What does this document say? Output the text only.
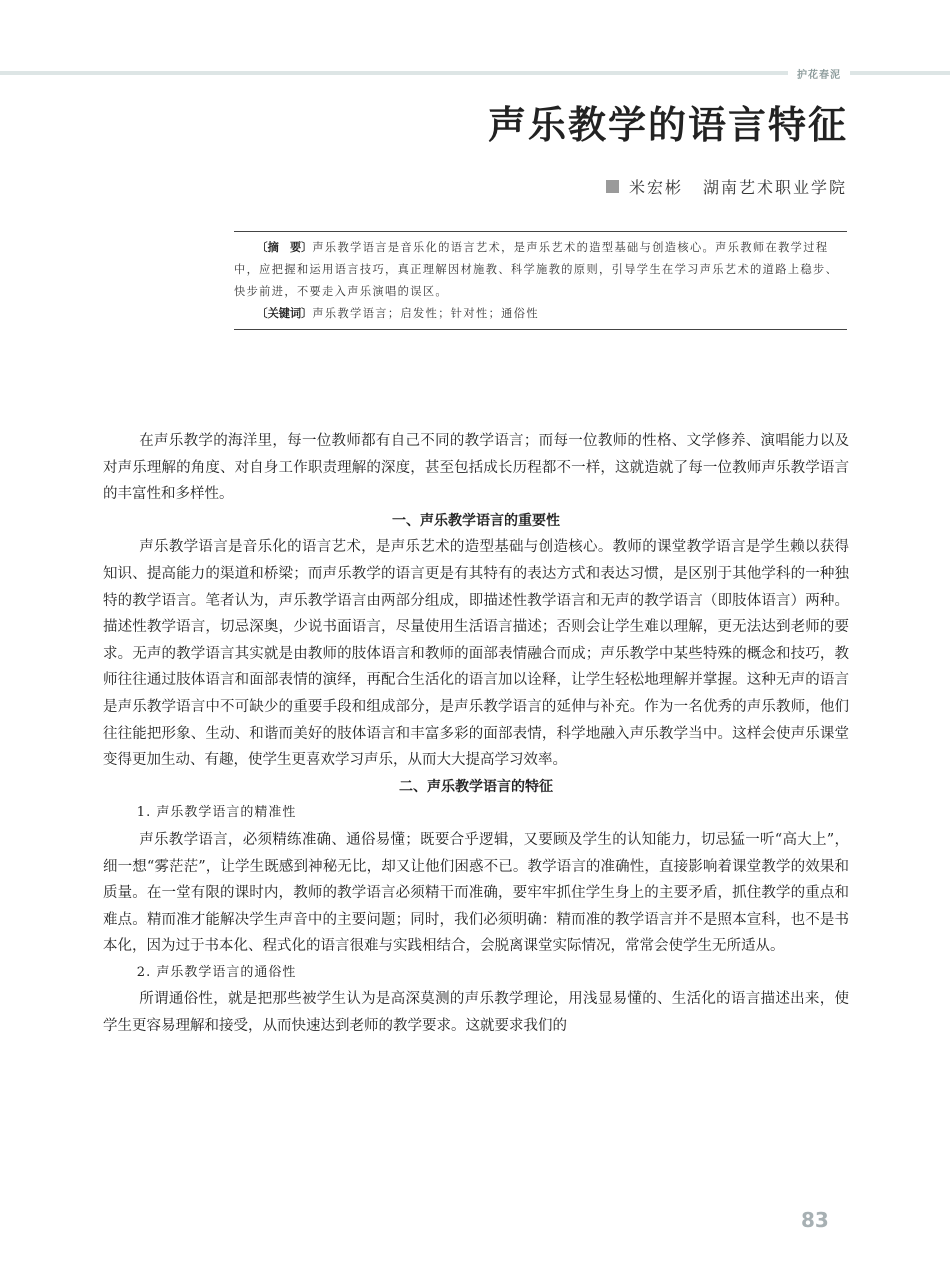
护花春泥
声乐教学的语言特征
米宏彬 湖南艺术职业学院

〔摘　要〕声乐教学语言是音乐化的语言艺术，是声乐艺术的造型基础与创造核心。声乐教师在教学过程中，应把握和运用语言技巧，真正理解因材施教、科学施教的原则，引导学生在学习声乐艺术的道路上稳步、快步前进，不要走入声乐演唱的误区。

〔关键词〕声乐教学语言；启发性；针对性；通俗性

在声乐教学的海洋里，每一位教师都有自己不同的教学语言；而每一位教师的性格、文学修养、演唱能力以及对声乐理解的角度、对自身工作职责理解的深度，甚至包括成长历程都不一样，这就造就了每一位教师声乐教学语言的丰富性和多样性。

一、声乐教学语言的重要性

声乐教学语言是音乐化的语言艺术，是声乐艺术的造型基础与创造核心。教师的课堂教学语言是学生赖以获得知识、提高能力的渠道和桥梁；而声乐教学的语言更是有其特有的表达方式和表达习惯，是区别于其他学科的一种独特的教学语言。笔者认为，声乐教学语言由两部分组成，即描述性教学语言和无声的教学语言（即肢体语言）两种。描述性教学语言，切忌深奥，少说书面语言，尽量使用生活语言描述；否则会让学生难以理解，更无法达到老师的要求。无声的教学语言其实就是由教师的肢体语言和教师的面部表情融合而成；声乐教学中某些特殊的概念和技巧，教师往往通过肢体语言和面部表情的演绎，再配合生活化的语言加以诠释，让学生轻松地理解并掌握。这种无声的语言是声乐教学语言中不可缺少的重要手段和组成部分，是声乐教学语言的延伸与补充。作为一名优秀的声乐教师，他们往往能把形象、生动、和谐而美好的肢体语言和丰富多彩的面部表情，科学地融入声乐教学当中。这样会使声乐课堂变得更加生动、有趣，使学生更喜欢学习声乐，从而大大提高学习效率。

二、声乐教学语言的特征
1. 声乐教学语言的精准性

声乐教学语言，必须精练准确、通俗易懂；既要合乎逻辑，又要顾及学生的认知能力，切忌猛一听“高大上”，细一想“雾茫茫”，让学生既感到神秘无比，却又让他们困惑不已。教学语言的准确性，直接影响着课堂教学的效果和质量。在一堂有限的课时内，教师的教学语言必须精干而准确，要牢牢抓住学生身上的主要矛盾，抓住教学的重点和难点。精而准才能解决学生声音中的主要问题；同时，我们必须明确：精而准的教学语言并不是照本宣科，也不是书本化，因为过于书本化、程式化的语言很难与实践相结合，会脱离课堂实际情况，常常会使学生无所适从。

2. 声乐教学语言的通俗性

所谓通俗性，就是把那些被学生认为是高深莫测的声乐教学理论，用浅显易懂的、生活化的语言描述出来，使学生更容易理解和接受，从而快速达到老师的教学要求。这就要求我们的

83
